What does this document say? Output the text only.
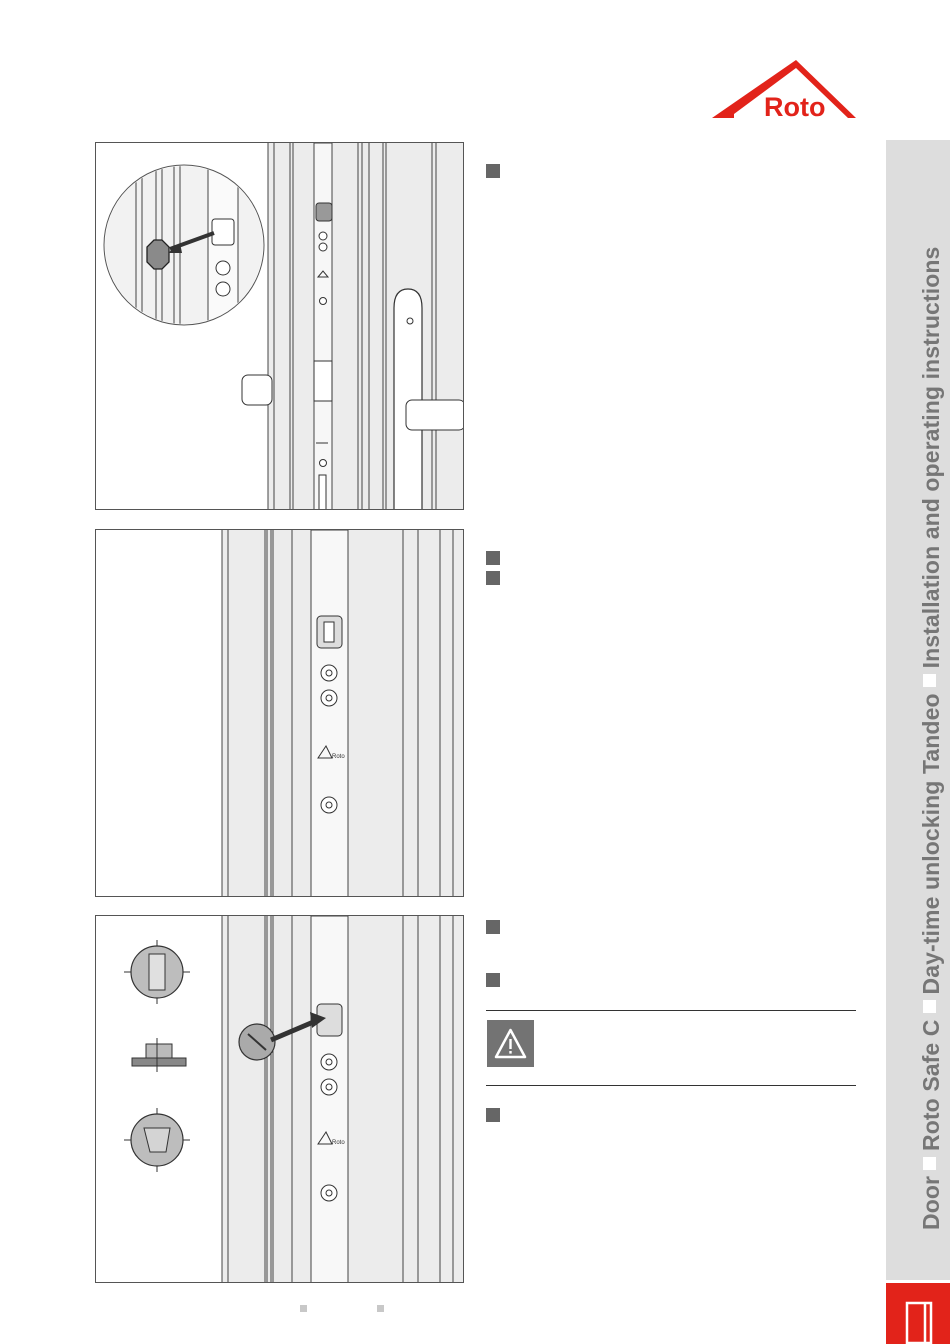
Roto
DoorRoto Safe CDay-time unlocking TandeoInstallation and operating instructions
Roto
Roto
